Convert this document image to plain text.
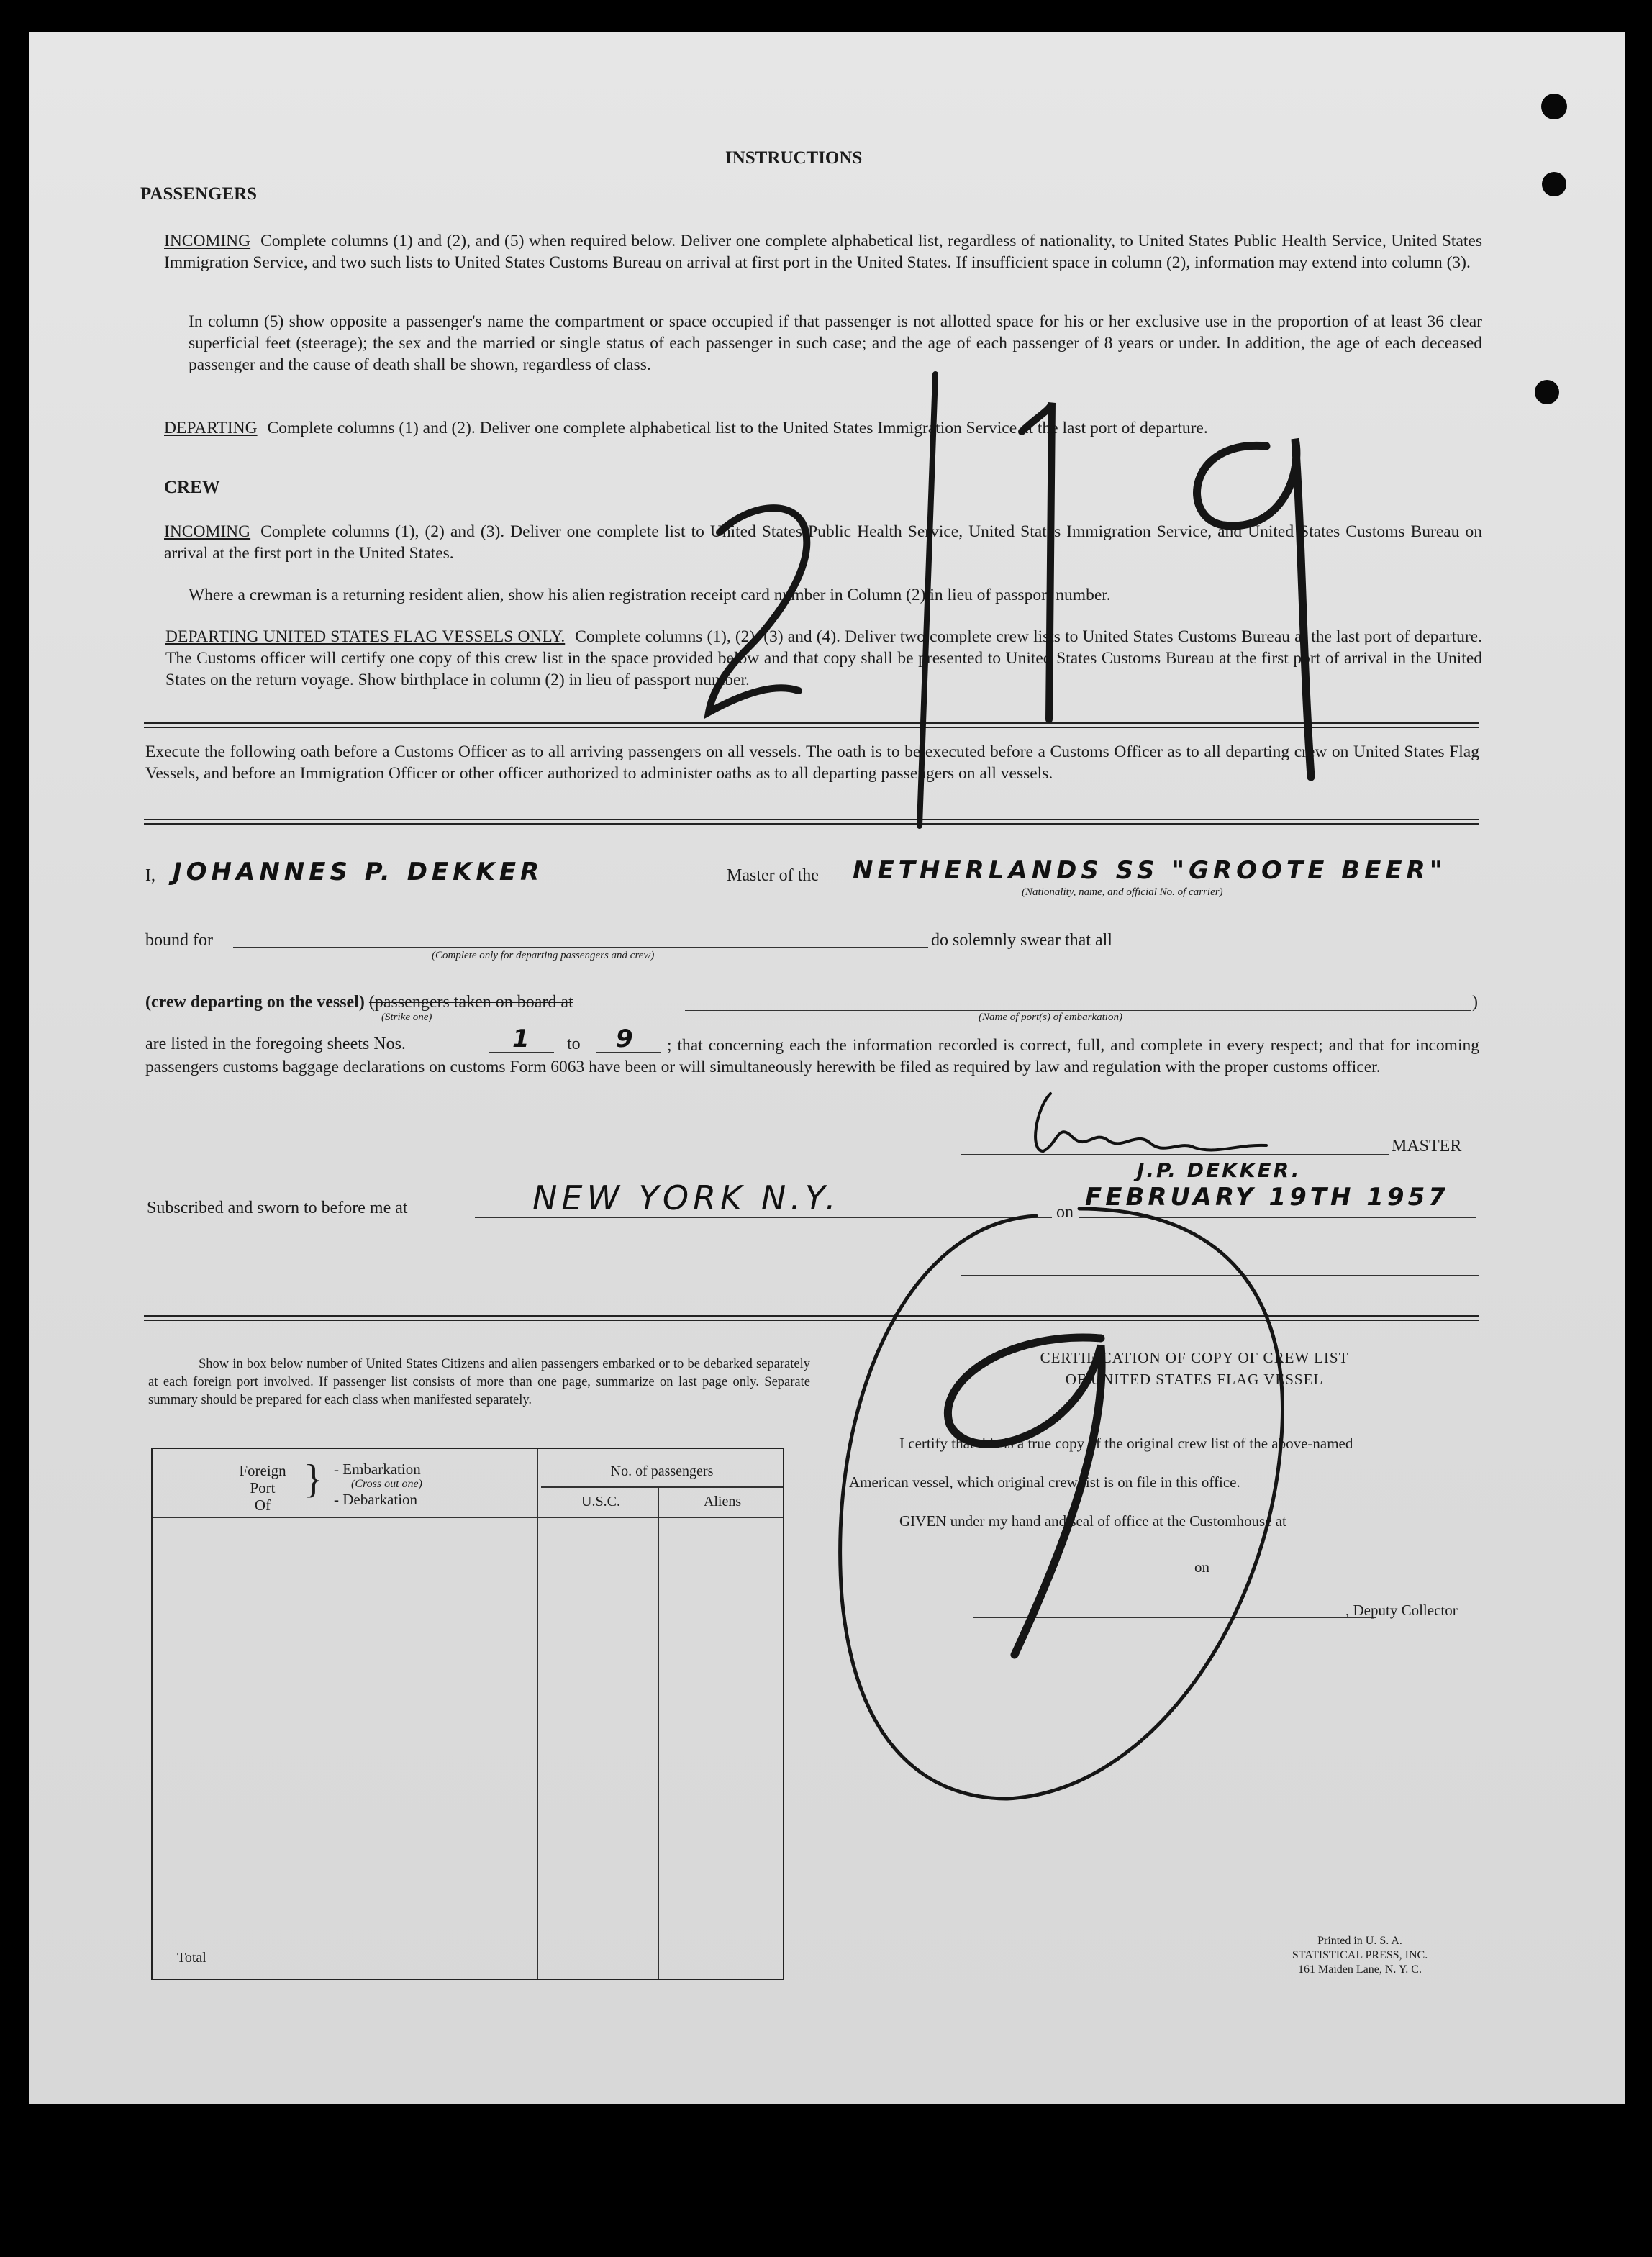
INSTRUCTIONS
PASSENGERS
INCOMING Complete columns (1) and (2), and (5) when required below. Deliver one complete alphabetical list, regardless of nationality, to United States Public Health Service, United States Immigration Service, and two such lists to United States Customs Bureau on arrival at first port in the United States. If insufficient space in column (2), information may extend into column (3).
In column (5) show opposite a passenger's name the compartment or space occupied if that passenger is not allotted space for his or her exclusive use in the proportion of at least 36 clear superficial feet (steerage); the sex and the married or single status of each passenger in such case; and the age of each passenger of 8 years or under. In addition, the age of each deceased passenger and the cause of death shall be shown, regardless of class.
DEPARTING Complete columns (1) and (2). Deliver one complete alphabetical list to the United States Immigration Service at the last port of departure.
CREW
INCOMING Complete columns (1), (2) and (3). Deliver one complete list to United States Public Health Service, United States Immigration Service, and United States Customs Bureau on arrival at the first port in the United States.
Where a crewman is a returning resident alien, show his alien registration receipt card number in Column (2) in lieu of passport number.
DEPARTING UNITED STATES FLAG VESSELS ONLY. Complete columns (1), (2), (3) and (4). Deliver two complete crew lists to United States Customs Bureau at the last port of departure. The Customs officer will certify one copy of this crew list in the space provided below and that copy shall be presented to United States Customs Bureau at the first port of arrival in the United States on the return voyage. Show birthplace in column (2) in lieu of passport number.
Execute the following oath before a Customs Officer as to all arriving passengers on all vessels. The oath is to be executed before a Customs Officer as to all departing crew on United States Flag Vessels, and before an Immigration Officer or other officer authorized to administer oaths as to all departing passengers on all vessels.
I, JOHANNES P. DEKKER	Master of the NETHERLANDS SS "GROOTE BEER"
(Nationality, name, and official No. of carrier)
bound for
(Complete only for departing passengers and crew)
do solemnly swear that all
(crew departing on the vessel) (passengers taken on board at	)
(Strike one)	(Name of port(s) of embarkation)
are listed in the foregoing sheets Nos.	1 to 9	; that concerning each the information recorded is correct, full, and complete in every respect; and that for incoming passengers customs baggage declarations on customs Form 6063 have been or will simultaneously herewith be filed as required by law and regulation with the proper customs officer.
MASTER
J.P. DEKKER.
Subscribed and sworn to before me at	NEW YORK N.Y.	on
FEBRUARY 19TH 1957
Show in box below number of United States Citizens and alien passengers embarked or to be debarked separately at each foreign port involved. If passenger list consists of more than one page, summarize on last page only. Separate summary should be prepared for each class when manifested separately.
Foreign
Port
Of
} - Embarkation
(Cross out one)
- Debarkation
No. of passengers
U.S.C.	Aliens
Total
CERTIFICATION OF COPY OF CREW LIST
OF UNITED STATES FLAG VESSEL
I certify that this is a true copy of the original crew list of the above-named
American vessel, which original crew list is on file in this office.
GIVEN under my hand and seal of office at the Customhouse at
on
, Deputy Collector
Printed in U. S. A.
STATISTICAL PRESS, INC.
161 Maiden Lane, N. Y. C.
